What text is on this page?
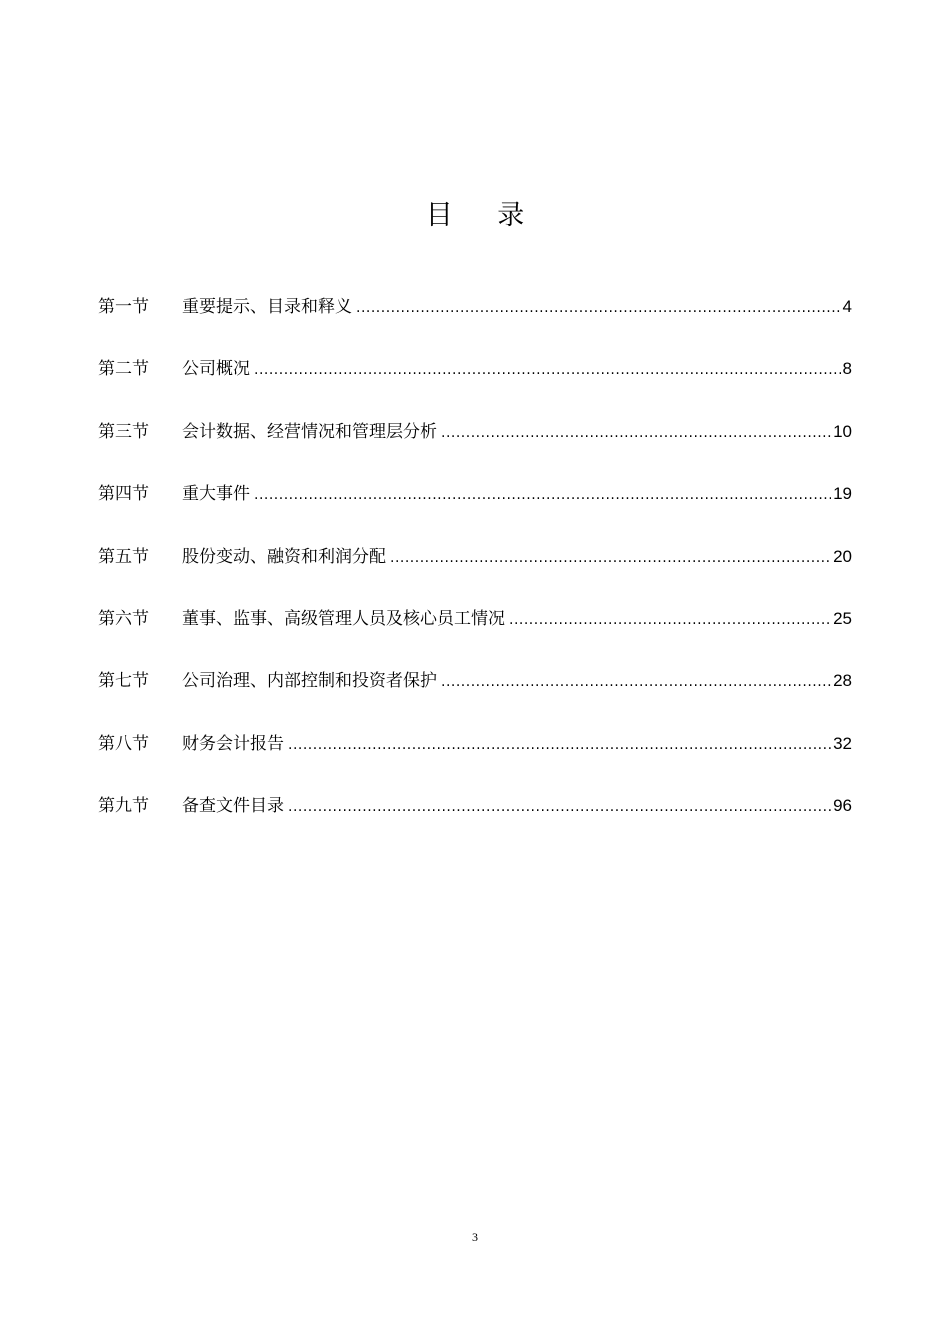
目 录
第一节	重要提示、目录和释义 .....	4
第二节	公司概况 .....	8
第三节	会计数据、经营情况和管理层分析 .....	10
第四节	重大事件 .....	19
第五节	股份变动、融资和利润分配 .....	20
第六节	董事、监事、高级管理人员及核心员工情况 .....	25
第七节	公司治理、内部控制和投资者保护 .....	28
第八节	财务会计报告 .....	32
第九节	备查文件目录 .....	96
3
